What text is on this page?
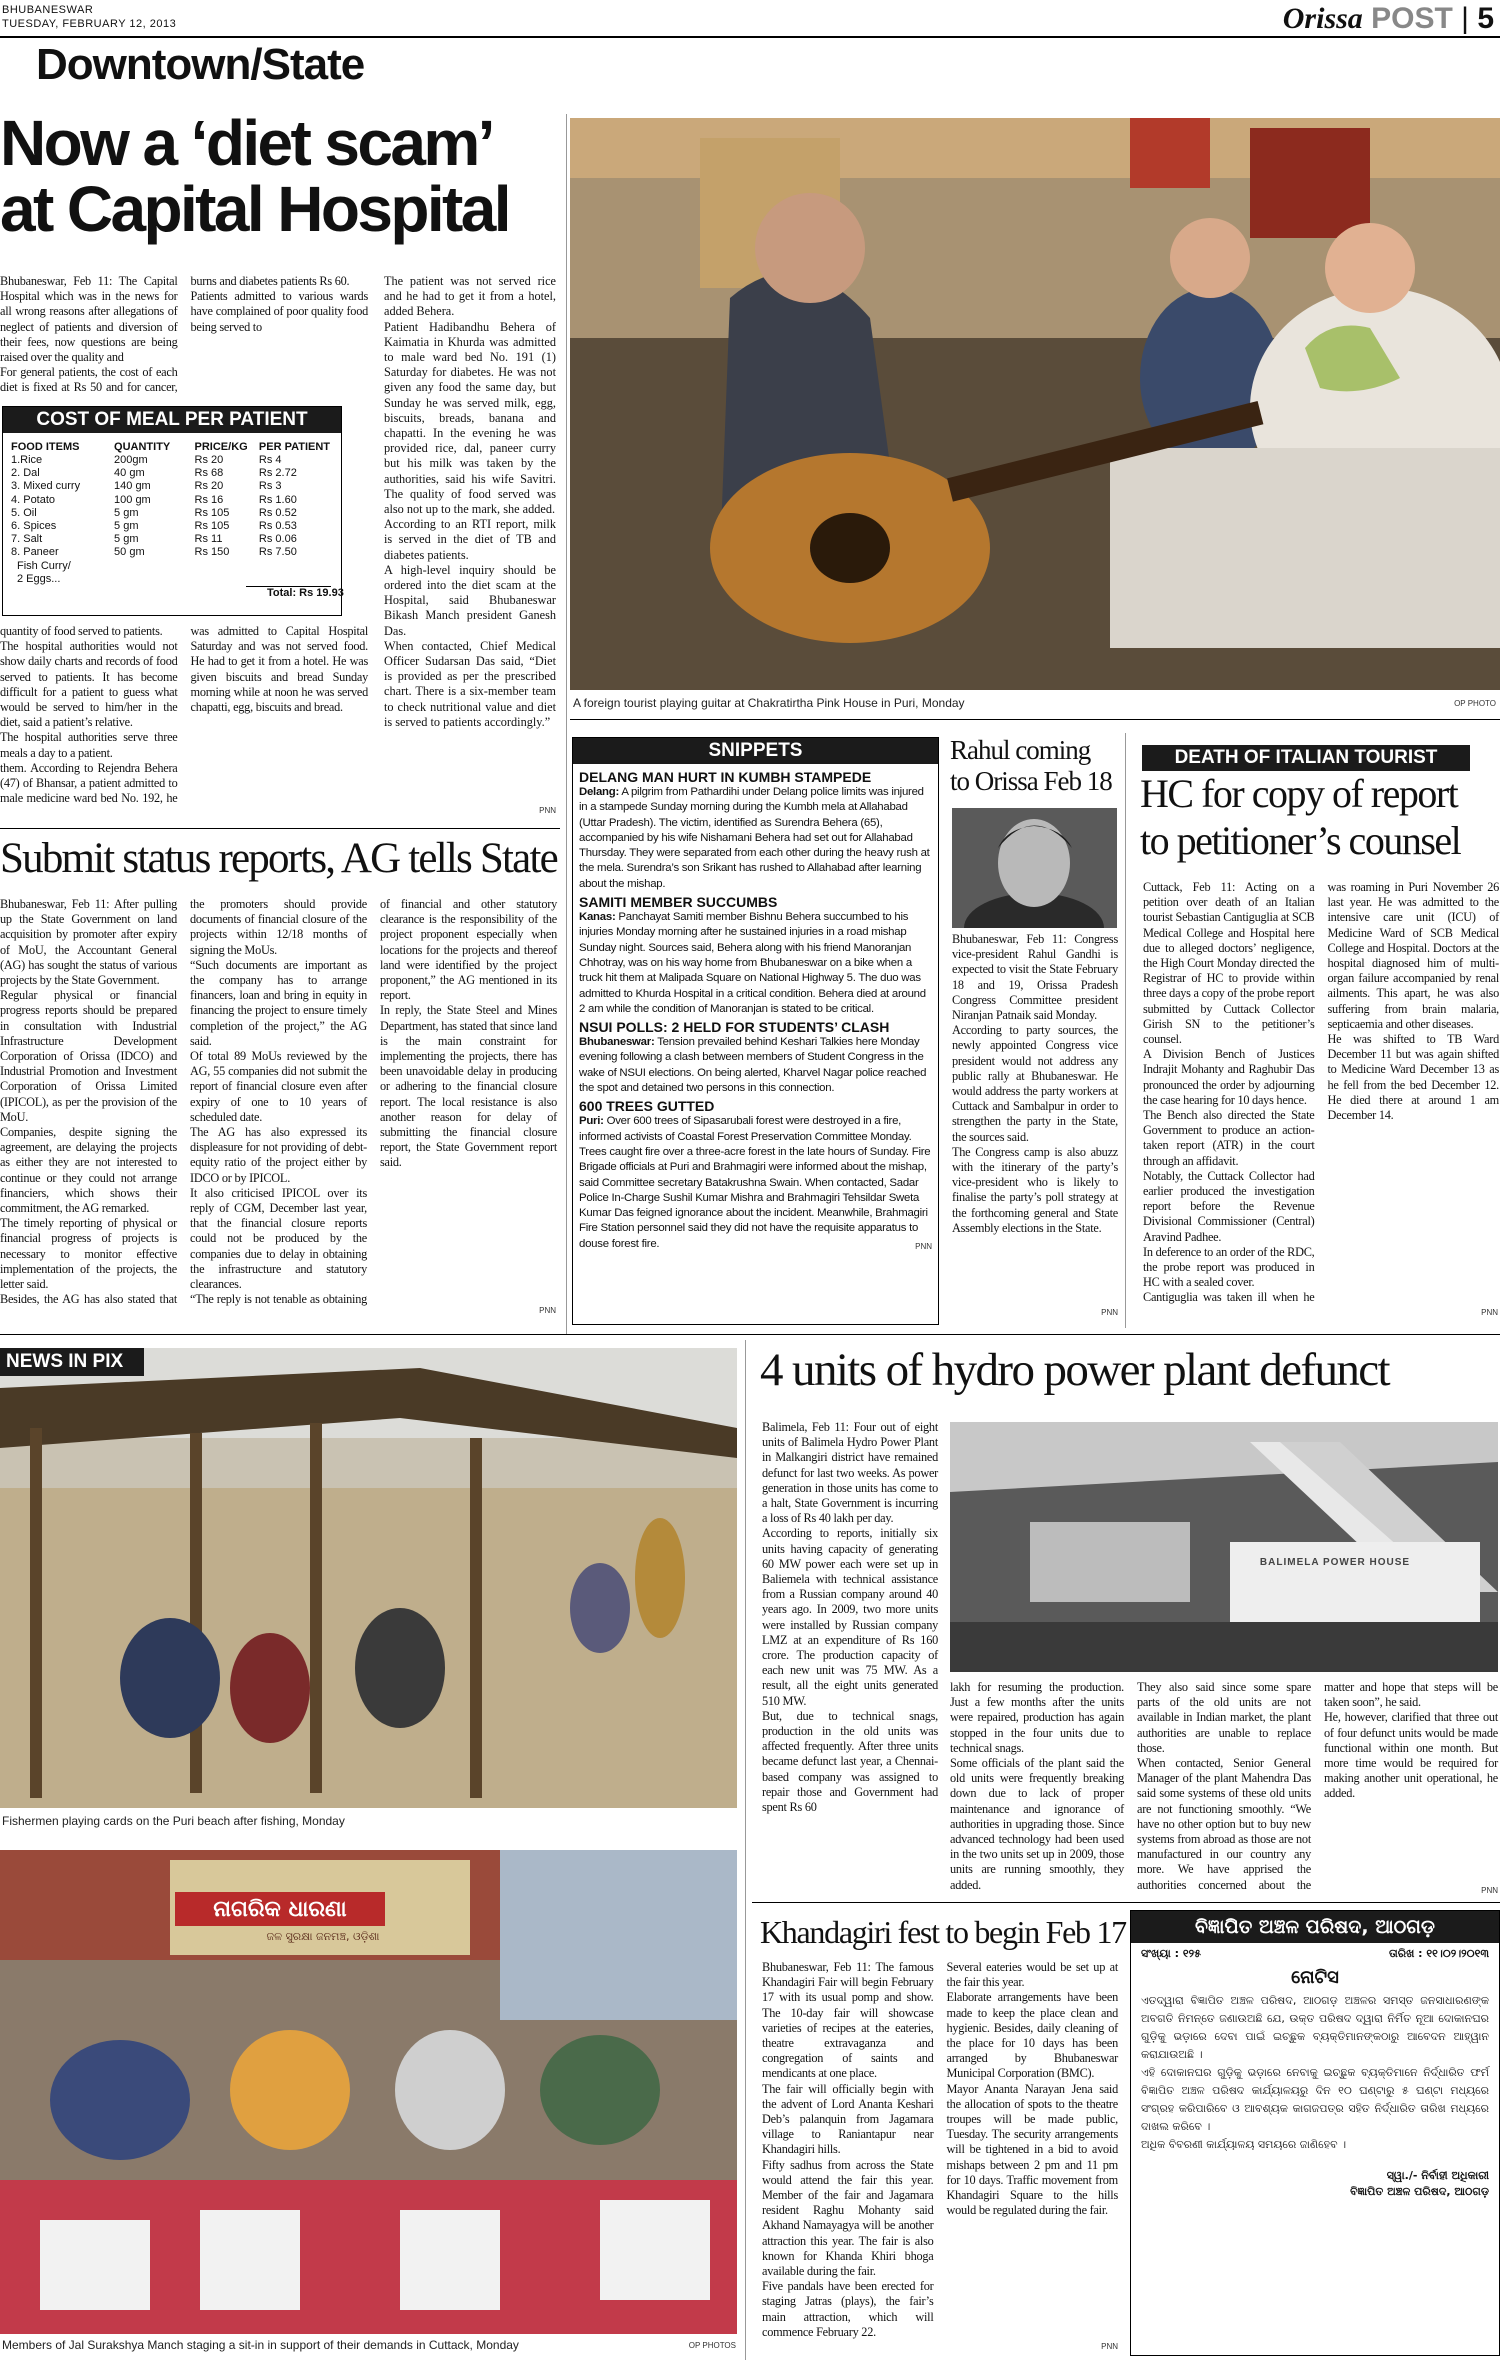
BHUBANESWAR
TUESDAY, FEBRUARY 12, 2013	Orissa POST | 5
Downtown/State
Now a ‘diet scam’
at Capital Hospital
Bhubaneswar, Feb 11: The Capital Hospital which was in the news for all wrong reasons after allegations of neglect of patients and diversion of their fees, now questions are being raised over the quality and
For general patients, the cost of each diet is fixed at Rs 50 and for cancer, burns and diabetes patients Rs 60.
Patients admitted to various wards have complained of poor quality food being served to
COST OF MEAL PER PATIENT
FOOD ITEMS	QUANTITY	PRICE/KG	PER PATIENT
1.Rice	200gm	Rs 20	Rs 4
2. Dal	40 gm	Rs 68	Rs 2.72
3. Mixed curry	140 gm	Rs 20	Rs 3
4. Potato	100 gm	Rs 16	Rs 1.60
5. Oil	5 gm	Rs 105	Rs 0.52
6. Spices	5 gm	Rs 105	Rs 0.53
7. Salt	5 gm	Rs 11	Rs 0.06
8. Paneer	50 gm	Rs 150	Rs 7.50
Fish Curry/			
2 Eggs...			
Total: Rs 19.93
The patient was not served rice and he had to get it from a hotel, added Behera.
Patient Hadibandhu Behera of Kaimatia in Khurda was admitted to male ward bed No. 191 (1) Saturday for diabetes. He was not given any food the same day, but Sunday he was served milk, egg, biscuits, breads, banana and chapatti. In the evening he was provided rice, dal, paneer curry but his milk was taken by the authorities, said his wife Savitri. The quality of food served was also not up to the mark, she added.
According to an RTI report, milk is served in the diet of TB and diabetes patients.
A high-level inquiry should be ordered into the diet scam at the Hospital, said Bhubaneswar Bikash Manch president Ganesh Das.
When contacted, Chief Medical Officer Sudarsan Das said, “Diet is provided as per the prescribed chart. There is a six-member team to check nutritional value and diet is served to patients accordingly.”
quantity of food served to patients.
The hospital authorities would not show daily charts and records of food served to patients. It has become difficult for a patient to guess what would be served to him/her in the diet, said a patient’s relative.
The hospital authorities serve three meals a day to a patient.
them. According to Rejendra Behera (47) of Bhansar, a patient admitted to male medicine ward bed No. 192, he was admitted to Capital Hospital Saturday and was not served food. He had to get it from a hotel. He was given biscuits and bread Sunday morning while at noon he was served chapatti, egg, biscuits and bread.
PNN
Submit status reports, AG tells State
Bhubaneswar, Feb 11: After pulling up the State Government on land acquisition by promoter after expiry of MoU, the Accountant General (AG) has sought the status of various projects by the State Government.
Regular physical or financial progress reports should be prepared in consultation with Industrial Infrastructure Development Corporation of Orissa (IDCO) and Industrial Promotion and Investment Corporation of Orissa Limited (IPICOL), as per the provision of the MoU.
Companies, despite signing the agreement, are delaying the projects as either they are not interested to continue or they could not arrange financiers, which shows their commitment, the AG remarked.
The timely reporting of physical or financial progress of projects is necessary to monitor effective implementation of the projects, the letter said.
Besides, the AG has also stated that the promoters should provide documents of financial closure of the projects within 12/18 months of signing the MoUs.
“Such documents are important as the company has to arrange financers, loan and bring in equity in financing the project to ensure timely completion of the project,” the AG said.
Of total 89 MoUs reviewed by the AG, 55 companies did not submit the report of financial closure even after expiry of one to 10 years of scheduled date.
The AG has also expressed its displeasure for not providing of debt-equity ratio of the project either by IDCO or by IPICOL.
It also criticised IPICOL over its reply of CGM, December last year, that the financial closure reports could not be produced by the companies due to delay in obtaining the infrastructure and statutory clearances.
“The reply is not tenable as obtaining of financial and other statutory clearance is the responsibility of the project proponent especially when locations for the projects and thereof land were identified by the project proponent,” the AG mentioned in its report.
In reply, the State Steel and Mines Department, has stated that since land is the main constraint for implementing the projects, there has been unavoidable delay in producing or adhering to the financial closure report. The local resistance is also another reason for delay of submitting the financial closure report, the State Government report said.
PNN
A foreign tourist playing guitar at Chakratirtha Pink House in Puri, Monday	OP PHOTO
SNIPPETS
DELANG MAN HURT IN KUMBH STAMPEDE
Delang: A pilgrim from Pathardihi under Delang police limits was injured in a stampede Sunday morning during the Kumbh mela at Allahabad (Uttar Pradesh). The victim, identified as Surendra Behera (65), accompanied by his wife Nishamani Behera had set out for Allahabad Thursday. They were separated from each other during the heavy rush at the mela. Surendra’s son Srikant has rushed to Allahabad after learning about the mishap.
SAMITI MEMBER SUCCUMBS
Kanas: Panchayat Samiti member Bishnu Behera succumbed to his injuries Monday morning after he sustained injuries in a road mishap Sunday night. Sources said, Behera along with his friend Manoranjan Chhotray, was on his way home from Bhubaneswar on a bike when a truck hit them at Malipada Square on National Highway 5. The duo was admitted to Khurda Hospital in a critical condition. Behera died at around 2 am while the condition of Manoranjan is stated to be critical.
NSUI POLLS: 2 HELD FOR STUDENTS’ CLASH
Bhubaneswar: Tension prevailed behind Keshari Talkies here Monday evening following a clash between members of Student Congress in the wake of NSUI elections. On being alerted, Kharvel Nagar police reached the spot and detained two persons in this connection.
600 TREES GUTTED
Puri: Over 600 trees of Sipasarubali forest were destroyed in a fire, informed activists of Coastal Forest Preservation Committee Monday. Trees caught fire over a three-acre forest in the late hours of Sunday. Fire Brigade officials at Puri and Brahmagiri were informed about the mishap, said Committee secretary Batakrushna Swain. When contacted, Sadar Police In-Charge Sushil Kumar Mishra and Brahmagiri Tehsildar Sweta Kumar Das feigned ignorance about the incident. Meanwhile, Brahmagiri Fire Station personnel said they did not have the requisite apparatus to douse forest fire.	PNN
Rahul coming
to Orissa Feb 18
Bhubaneswar, Feb 11: Congress vice-president Rahul Gandhi is expected to visit the State February 18 and 19, Orissa Pradesh Congress Committee president Niranjan Patnaik said Monday.
According to party sources, the newly appointed Congress vice president would not address any public rally at Bhubaneswar. He would address the party workers at Cuttack and Sambalpur in order to strengthen the party in the State, the sources said.
The Congress camp is also abuzz with the itinerary of the party’s vice-president who is likely to finalise the party’s poll strategy at the forthcoming general and State Assembly elections in the State.
PNN
DEATH OF ITALIAN TOURIST
HC for copy of report
to petitioner’s counsel
Cuttack, Feb 11: Acting on a petition over death of an Italian tourist Sebastian Cantiguglia at SCB Medical College and Hospital here due to alleged doctors’ negligence, the High Court Monday directed the Registrar of HC to provide within three days a copy of the probe report submitted by Cuttack Collector Girish SN to the petitioner’s counsel.
A Division Bench of Justices Indrajit Mohanty and Raghubir Das pronounced the order by adjourning the case hearing for 10 days hence.
The Bench also directed the State Government to produce an action-taken report (ATR) in the court through an affidavit.
Notably, the Cuttack Collector had earlier produced the investigation report before the Revenue Divisional Commissioner (Central) Aravind Padhee.
In deference to an order of the RDC, the probe report was produced in HC with a sealed cover.
Cantiguglia was taken ill when he was roaming in Puri November 26 last year. He was admitted to the intensive care unit (ICU) of Medicine Ward of SCB Medical College and Hospital. Doctors at the hospital diagnosed him of multi-organ failure accompanied by renal ailments. This apart, he was also suffering from brain malaria, septicaemia and other diseases.
He was shifted to TB Ward December 11 but was again shifted to Medicine Ward December 13 as he fell from the bed December 12. He died there at around 1 am December 14.
PNN
NEWS IN PIX
Fishermen playing cards on the Puri beach after fishing, Monday
ନାଗରିକ ଧାରଣା
ଜଳ ସୁରକ୍ଷା ଜନମଞ୍ଚ, ଓଡ଼ିଶା
Members of Jal Surakshya Manch staging a sit-in in support of their demands in Cuttack, Monday	OP PHOTOS
4 units of hydro power plant defunct
Balimela, Feb 11: Four out of eight units of Balimela Hydro Power Plant in Malkangiri district have remained defunct for last two weeks. As power generation in those units has come to a halt, State Government is incurring a loss of Rs 40 lakh per day.
According to reports, initially six units having capacity of generating 60 MW power each were set up in Baliemela with technical assistance from a Russian company around 40 years ago. In 2009, two more units were installed by Russian company LMZ at an expenditure of Rs 160 crore. The production capacity of each new unit was 75 MW. As a result, all the eight units generated 510 MW.
But, due to technical snags, production in the old units was affected frequently. After three units became defunct last year, a Chennai-based company was assigned to repair those and Government had spent Rs 60
BALIMELA POWER HOUSE
lakh for resuming the production. Just a few months after the units were repaired, production has again stopped in the four units due to technical snags.
Some officials of the plant said the old units were frequently breaking down due to lack of proper maintenance and ignorance of authorities in upgrading those. Since advanced technology had been used in the two units set up in 2009, those units are running smoothly, they added.
They also said since some spare parts of the old units are not available in Indian market, the plant authorities are unable to replace those.
When contacted, Senior General Manager of the plant Mahendra Das said some systems of these old units are not functioning smoothly. “We have no other option but to buy new systems from abroad as those are not manufactured in our country any more. We have apprised the authorities concerned about the matter and hope that steps will be taken soon”, he said.
He, however, clarified that three out of four defunct units would be made functional within one month. But more time would be required for making another unit operational, he added.
PNN
Khandagiri fest to begin Feb 17
Bhubaneswar, Feb 11: The famous Khandagiri Fair will begin February 17 with its usual pomp and show. The 10-day fair will showcase varieties of recipes at the eateries, theatre extravaganza and congregation of saints and mendicants at one place.
The fair will officially begin with the advent of Lord Ananta Keshari Deb’s palanquin from Jagamara village to Raniantapur near Khandagiri hills.
Fifty sadhus from across the State would attend the fair this year. Member of the fair and Jagamara resident Raghu Mohanty said Akhand Namayagya will be another attraction this year. The fair is also known for Khanda Khiri bhoga available during the fair.
Five pandals have been erected for staging Jatras (plays), the fair’s main attraction, which will commence February 22.
Several eateries would be set up at the fair this year.
Elaborate arrangements have been made to keep the place clean and hygienic. Besides, daily cleaning of the place for 10 days has been arranged by Bhubaneswar Municipal Corporation (BMC).
Mayor Ananta Narayan Jena said the allocation of spots to the theatre troupes will be made public, Tuesday. The security arrangements will be tightened in a bid to avoid mishaps between 2 pm and 11 pm for 10 days. Traffic movement from Khandagiri Square to the hills would be regulated during the fair.
PNN
ବିଜ୍ଞାପିତ ଅଞ୍ଚଳ ପରିଷଦ, ଆଠଗଡ଼
ସଂଖ୍ୟା : ୧୨୫	ତାରିଖ : ୧୧।୦୨।୨୦୧୩
ନୋଟିସ
ଏତଦ୍ୱାରା ବିଜ୍ଞାପିତ ଅଞ୍ଚଳ ପରିଷଦ, ଆଠଗଡ଼ ଅଞ୍ଚଳର ସମସ୍ତ ଜନସାଧାରଣଙ୍କ ଅବଗତି ନିମନ୍ତେ ଜଣାଉଅଛି ଯେ, ଉକ୍ତ ପରିଷଦ ଦ୍ୱାରା ନିର୍ମିତ ନୂଆ ଦୋକାନଘର ଗୁଡ଼ିକୁ ଭଡ଼ାରେ ଦେବା ପାଇଁ ଇଚ୍ଛୁକ ବ୍ୟକ୍ତିମାନଙ୍କଠାରୁ ଆବେଦନ ଆହ୍ୱାନ କରାଯାଉଅଛି ।
ଏହି ଦୋକାନଘର ଗୁଡ଼ିକୁ ଭଡ଼ାରେ ନେବାକୁ ଇଚ୍ଛୁକ ବ୍ୟକ୍ତିମାନେ ନିର୍ଦ୍ଧାରିତ ଫର୍ମ ବିଜ୍ଞାପିତ ଅଞ୍ଚଳ ପରିଷଦ କାର୍ଯ୍ୟାଳୟରୁ ଦିନ ୧୦ ଘଣ୍ଟାରୁ ୫ ଘଣ୍ଟା ମଧ୍ୟରେ ସଂଗ୍ରହ କରିପାରିବେ ଓ ଆବଶ୍ୟକ କାଗଜପତ୍ର ସହିତ ନିର୍ଦ୍ଧାରିତ ତାରିଖ ମଧ୍ୟରେ ଦାଖଲ କରିବେ ।
ଅଧିକ ବିବରଣୀ କାର୍ଯ୍ୟାଳୟ ସମୟରେ ଜାଣିହେବ ।
ସ୍ୱା./- ନିର୍ବାହୀ ଅଧିକାରୀ
ବିଜ୍ଞାପିତ ଅଞ୍ଚଳ ପରିଷଦ, ଆଠଗଡ଼
